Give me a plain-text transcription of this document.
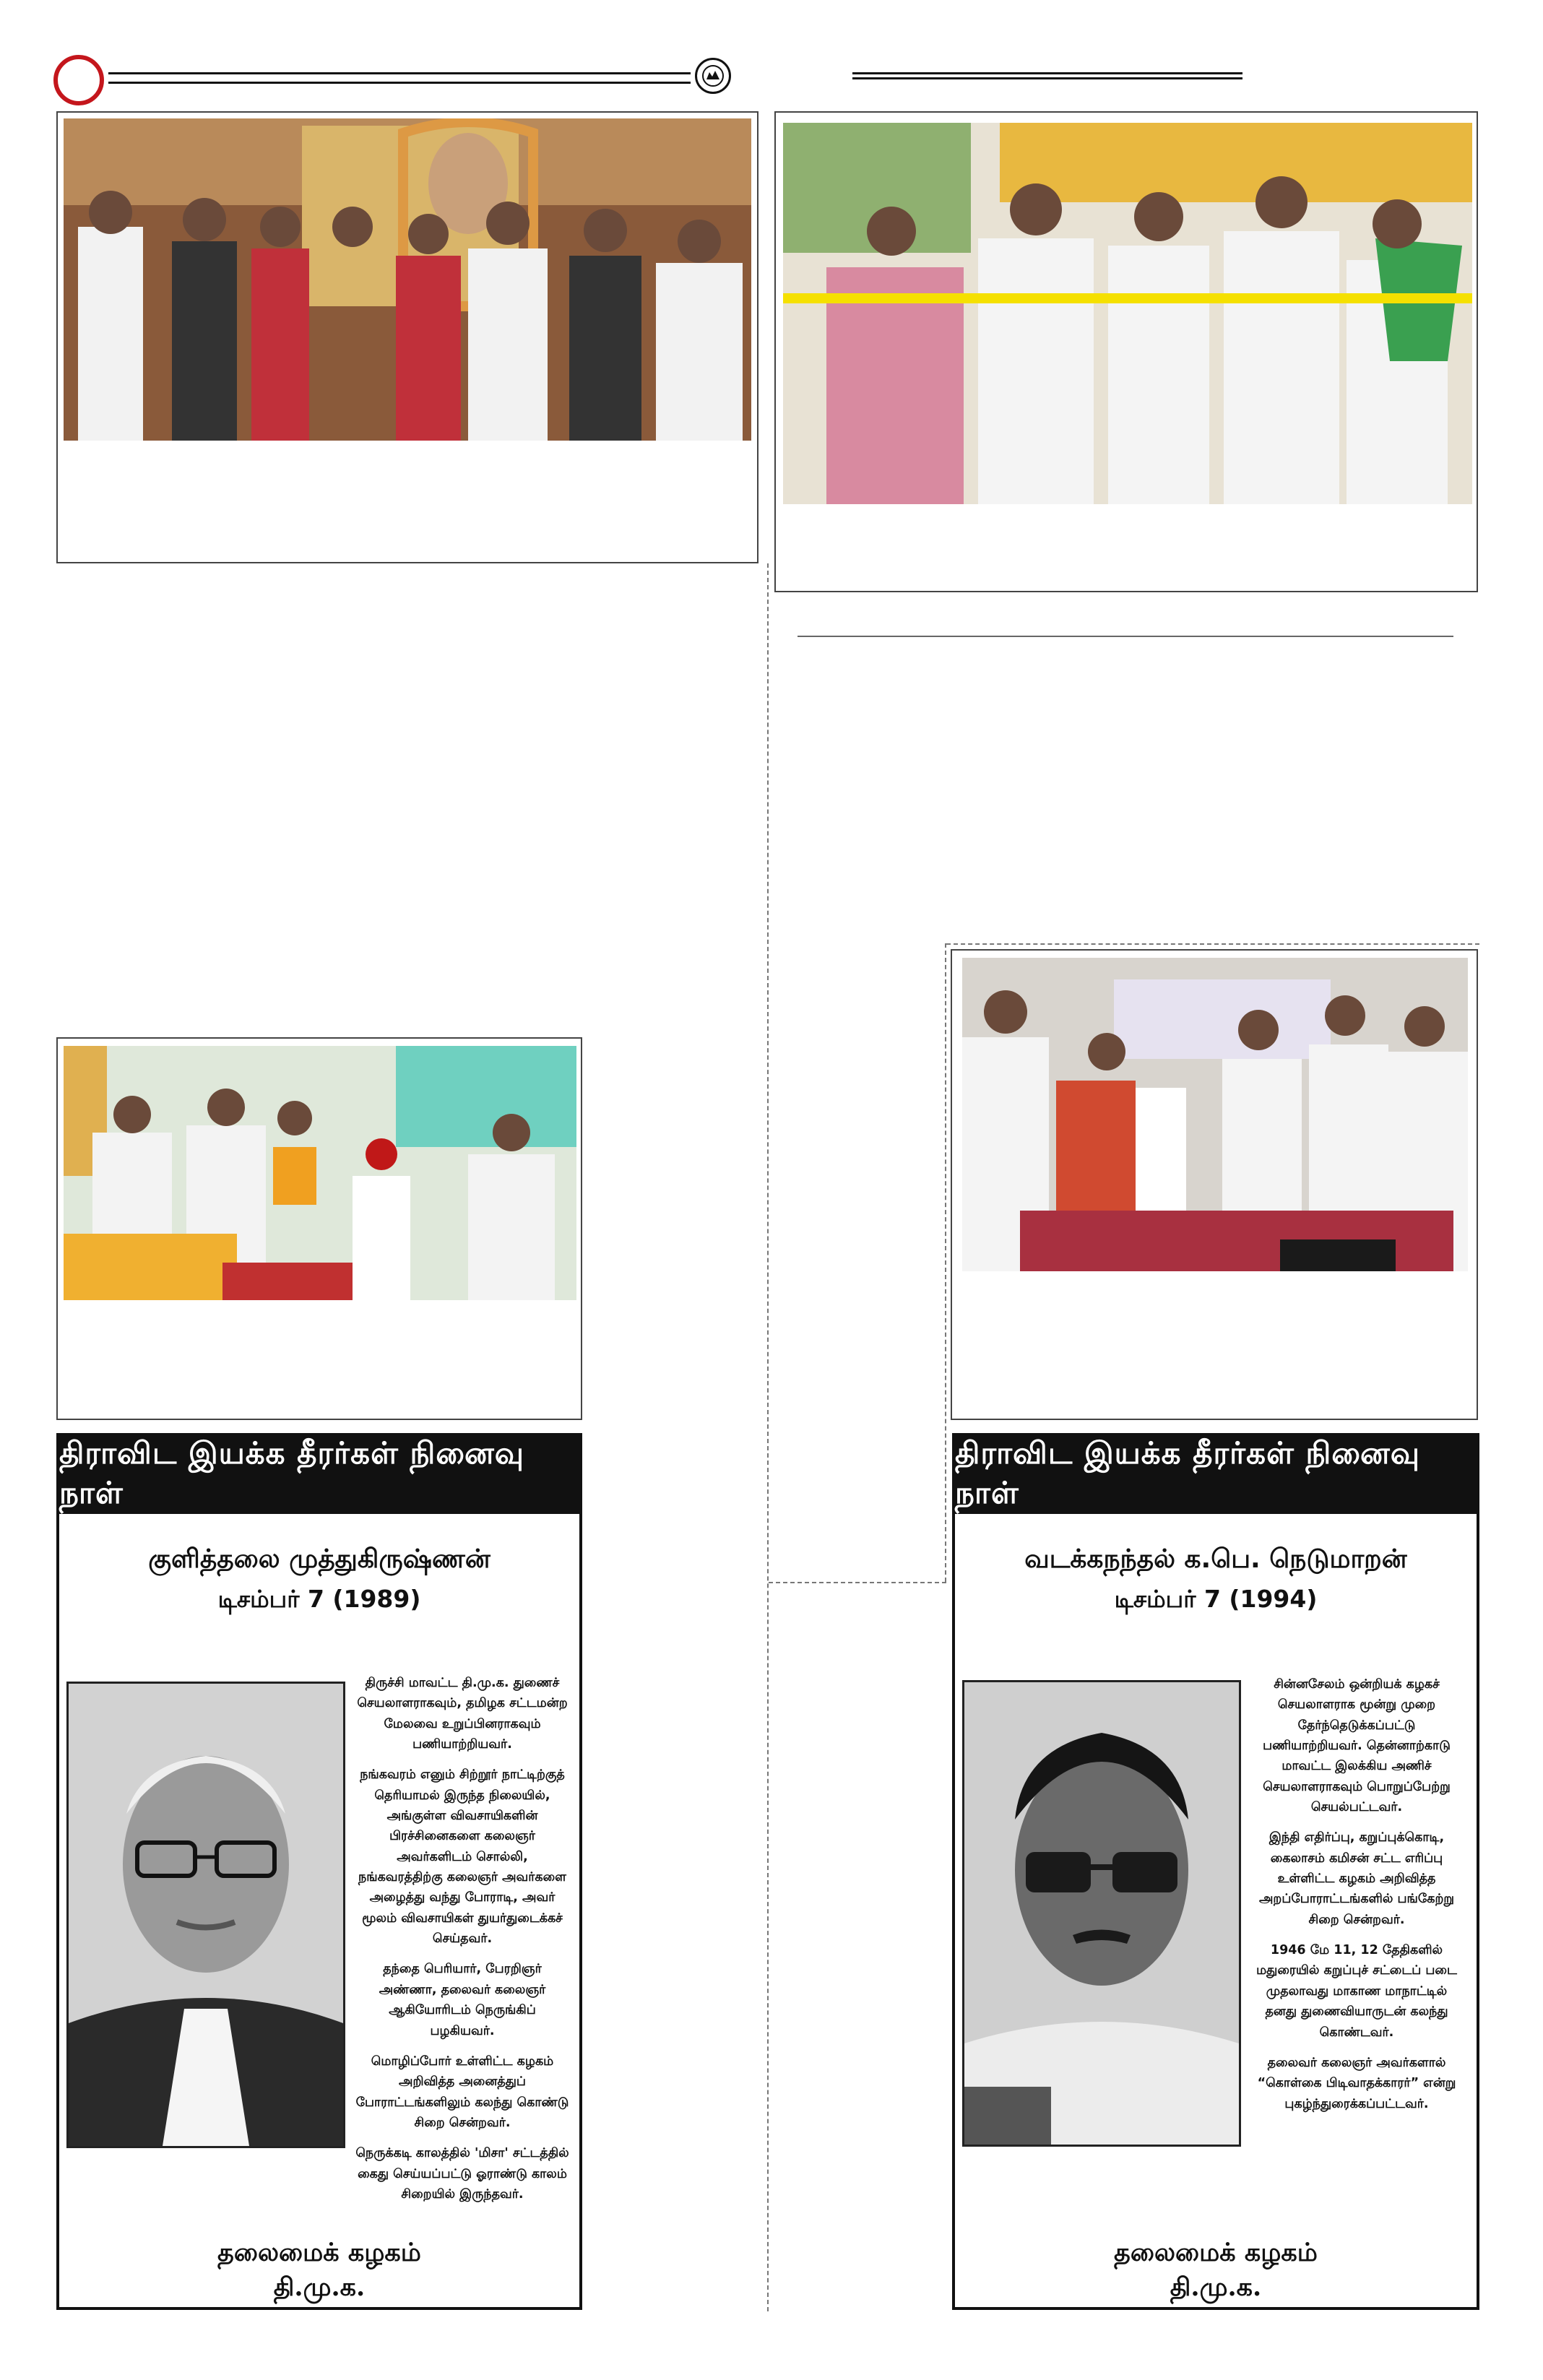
திராவிட இயக்க தீரர்கள் நினைவு நாள்
குளித்தலை முத்துகிருஷ்ணன்
டிசம்பர் 7 (1989)

திருச்சி மாவட்ட தி.மு.க. துணைச் செயலாளராகவும், தமிழக சட்டமன்ற மேலவை உறுப்பினராகவும் பணியாற்றியவர்.

நங்கவரம் எனும் சிற்றூர் நாட்டிற்குத் தெரியாமல் இருந்த நிலையில், அங்குள்ள விவசாயிகளின் பிரச்சினைகளை கலைஞர் அவர்களிடம் சொல்லி, நங்கவரத்திற்கு கலைஞர் அவர்களை அழைத்து வந்து போராடி, அவர் மூலம் விவசாயிகள் துயர்துடைக்கச் செய்தவர்.

தந்தை பெரியார், பேரறிஞர் அண்ணா, தலைவர் கலைஞர் ஆகியோரிடம் நெருங்கிப் பழகியவர்.

மொழிப்போர் உள்ளிட்ட கழகம் அறிவித்த அனைத்துப் போராட்டங்களிலும் கலந்து கொண்டு சிறை சென்றவர்.

நெருக்கடி காலத்தில் 'மிசா' சட்டத்தில் கைது செய்யப்பட்டு ஓராண்டு காலம் சிறையில் இருந்தவர்.

தலைமைக் கழகம்
தி.மு.க.
திராவிட இயக்க தீரர்கள் நினைவு நாள்
வடக்கநந்தல் க.பெ. நெடுமாறன்
டிசம்பர் 7 (1994)

சின்னசேலம் ஒன்றியக் கழகச் செயலாளராக மூன்று முறை தேர்ந்தெடுக்கப்பட்டு பணியாற்றியவர். தென்னாற்காடு மாவட்ட இலக்கிய அணிச் செயலாளராகவும் பொறுப்பேற்று செயல்பட்டவர்.

இந்தி எதிர்ப்பு, கறுப்புக்கொடி, கைலாசம் கமிசன் சட்ட எரிப்பு உள்ளிட்ட கழகம் அறிவித்த அறப்போராட்டங்களில் பங்கேற்று சிறை சென்றவர்.

1946 மே 11, 12 தேதிகளில் மதுரையில் கறுப்புச் சட்டைப் படை முதலாவது மாகாண மாநாட்டில் தனது துணைவியாருடன் கலந்து கொண்டவர்.

தலைவர் கலைஞர் அவர்களால் “கொள்கை பிடிவாதக்காரர்” என்று புகழ்ந்துரைக்கப்பட்டவர்.

தலைமைக் கழகம்
தி.மு.க.
